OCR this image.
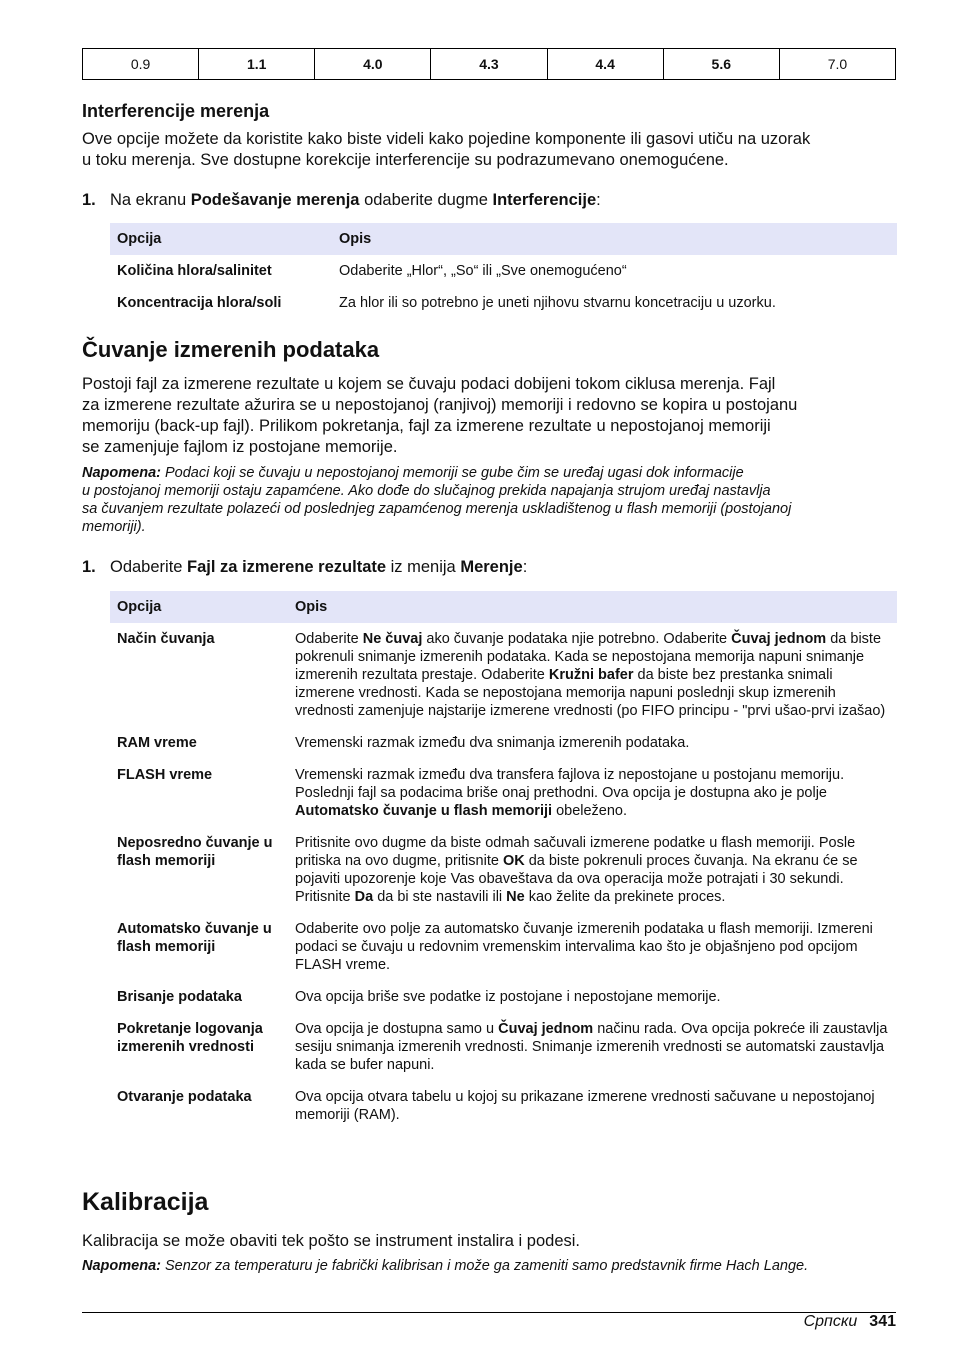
0.9	1.1	4.0	4.3	4.4	5.6	7.0
Interferencije merenja

Ove opcije možete da koristite kako biste videli kako pojedine komponente ili gasovi utiču na uzorak
u toku merenja. Sve dostupne korekcije interferencije su podrazumevano onemogućene.

1. Na ekranu Podešavanje merenja odaberite dugme Interferencije:

Opcija	Opis
Količina hlora/salinitet	Odaberite „Hlor“, „So“ ili „Sve onemogućeno“
Koncentracija hlora/soli	Za hlor ili so potrebno je uneti njihovu stvarnu koncetraciju u uzorku.
Čuvanje izmerenih podataka

Postoji fajl za izmerene rezultate u kojem se čuvaju podaci dobijeni tokom ciklusa merenja. Fajl
za izmerene rezultate ažurira se u nepostojanoj (ranjivoj) memoriji i redovno se kopira u postojanu
memoriju (back-up fajl). Prilikom pokretanja, fajl za izmerene rezultate u nepostojanoj memoriji
se zamenjuje fajlom iz postojane memorije.

Napomena: Podaci koji se čuvaju u nepostojanoj memoriji se gube čim se uređaj ugasi dok informacije
u postojanoj memoriji ostaju zapamćene. Ako dođe do slučajnog prekida napajanja strujom uređaj nastavlja
sa čuvanjem rezultate polazeći od poslednjeg zapamćenog merenja uskladištenog u flash memoriji (postojanoj
memoriji).

1. Odaberite Fajl za izmerene rezultate iz menija Merenje:

Opcija	Opis
Način čuvanja	Odaberite Ne čuvaj ako čuvanje podataka njie potrebno. Odaberite Čuvaj jednom da biste pokrenuli snimanje izmerenih podataka. Kada se nepostojana memorija napuni snimanje izmerenih rezultata prestaje. Odaberite Kružni bafer da biste bez prestanka snimali izmerene vrednosti. Kada se nepostojana memorija napuni poslednji skup izmerenih vrednosti zamenjuje najstarije izmerene vrednosti (po FIFO principu - "prvi ušao-prvi izašao)
RAM vreme	Vremenski razmak između dva snimanja izmerenih podataka.
FLASH vreme	Vremenski razmak između dva transfera fajlova iz nepostojane u postojanu memoriju. Poslednji fajl sa podacima briše onaj prethodni. Ova opcija je dostupna ako je polje Automatsko čuvanje u flash memoriji obeleženo.
Neposredno čuvanje u flash memoriji	Pritisnite ovo dugme da biste odmah sačuvali izmerene podatke u flash memoriji. Posle pritiska na ovo dugme, pritisnite OK da biste pokrenuli proces čuvanja. Na ekranu će se pojaviti upozorenje koje Vas obaveštava da ova operacija može potrajati i 30 sekundi. Pritisnite Da da bi ste nastavili ili Ne kao želite da prekinete proces.
Automatsko čuvanje u flash memoriji	Odaberite ovo polje za automatsko čuvanje izmerenih podataka u flash memoriji. Izmereni podaci se čuvaju u redovnim vremenskim intervalima kao što je objašnjeno pod opcijom FLASH vreme.
Brisanje podataka	Ova opcija briše sve podatke iz postojane i nepostojane memorije.
Pokretanje logovanja izmerenih vrednosti	Ova opcija je dostupna samo u Čuvaj jednom načinu rada. Ova opcija pokreće ili zaustavlja sesiju snimanja izmerenih vrednosti. Snimanje izmerenih vrednosti se automatski zaustavlja kada se bufer napuni.
Otvaranje podataka	Ova opcija otvara tabelu u kojoj su prikazane izmerene vrednosti sačuvane u nepostojanoj memoriji (RAM).
Kalibracija

Kalibracija se može obaviti tek pošto se instrument instalira i podesi.

Napomena: Senzor za temperaturu je fabrički kalibrisan i može ga zameniti samo predstavnik firme Hach Lange.

Српски 341
